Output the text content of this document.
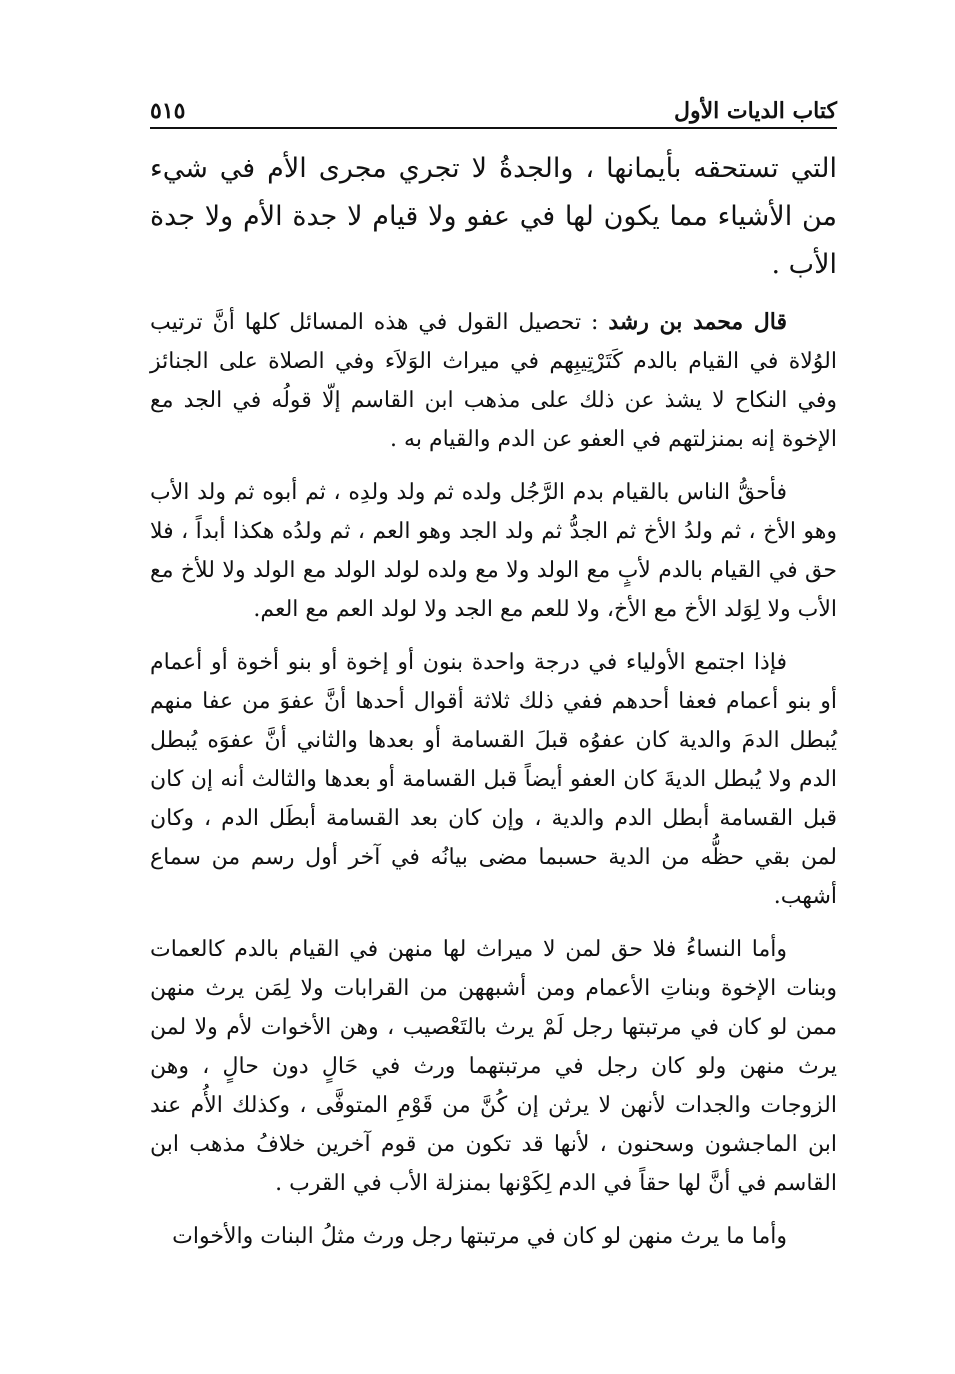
كتاب الديات الأول
٥١٥

التي تستحقه بأيمانها ، والجدةُ لا تجري مجرى الأم في شيء من الأشياء مما يكون لها في عفو ولا قيام لا جدة الأم ولا جدة الأب .

قال محمد بن رشد : تحصيل القول في هذه المسائل كلها أنَّ ترتيب الوُلاة في القيام بالدم كَتَرْتِيبِهم في ميراث الوَلاَء وفي الصلاة على الجنائز وفي النكاح لا يشذ عن ذلك على مذهب ابن القاسم إلّا قولُه في الجد مع الإخوة إنه بمنزلتهم في العفو عن الدم والقيام به .

فأحقُّ الناس بالقيام بدم الرَّجُل ولده ثم ولد ولدِه ، ثم أبوه ثم ولد الأب وهو الأخ ، ثم ولدُ الأخ ثم الجدُّ ثم ولد الجد وهو العم ، ثم ولدُه هكذا أبداً ، فلا حق في القيام بالدم لأبٍ مع الولد ولا مع ولده لولد الولد مع الولد ولا للأخ مع الأب ولا لِوَلد الأخ مع الأخ، ولا للعم مع الجد ولا لولد العم مع العم.

فإذا اجتمع الأولياء في درجة واحدة بنون أو إخوة أو بنو أخوة أو أعمام أو بنو أعمام فعفا أحدهم ففي ذلك ثلاثة أقوال أحدها أنَّ عفوَ من عفا منهم يُبطل الدمَ والدية كان عفوُه قبلَ القسامة أو بعدها والثاني أنَّ عفوَه يُبطل الدم ولا يُبطل الديةَ كان العفو أيضاً قبل القسامة أو بعدها والثالث أنه إن كان قبل القسامة أبطل الدم والدية ، وإن كان بعد القسامة أبطَل الدم ، وكان لمن بقي حظُّه من الدية حسبما مضى بيانُه في آخر أول رسم من سماع أشهب.

وأما النساءُ فلا حق لمن لا ميراث لها منهن في القيام بالدم كالعمات وبنات الإخوة وبناتِ الأعمام ومن أشبههن من القرابات ولا لِمَن يرث منهن ممن لو كان في مرتبتها رجل لَمْ يرث بالتَعْصيب ، وهن الأخوات لأم ولا لمن يرث منهن ولو كان رجل في مرتبتهما ورث في حَالٍ دون حالٍ ، وهن الزوجات والجدات لأنهن لا يرثن إن كُنَّ من قَوْمِ المتوفَّى ، وكذلك الأُم عند ابن الماجشون وسحنون ، لأنها قد تكون من قوم آخرين خلافُ مذهب ابن القاسم في أنَّ لها حقاً في الدم لِكَوْنها بمنزلة الأب في القرب .

وأما ما يرث منهن لو كان في مرتبتها رجل ورث مثلُ البنات والأخوات
